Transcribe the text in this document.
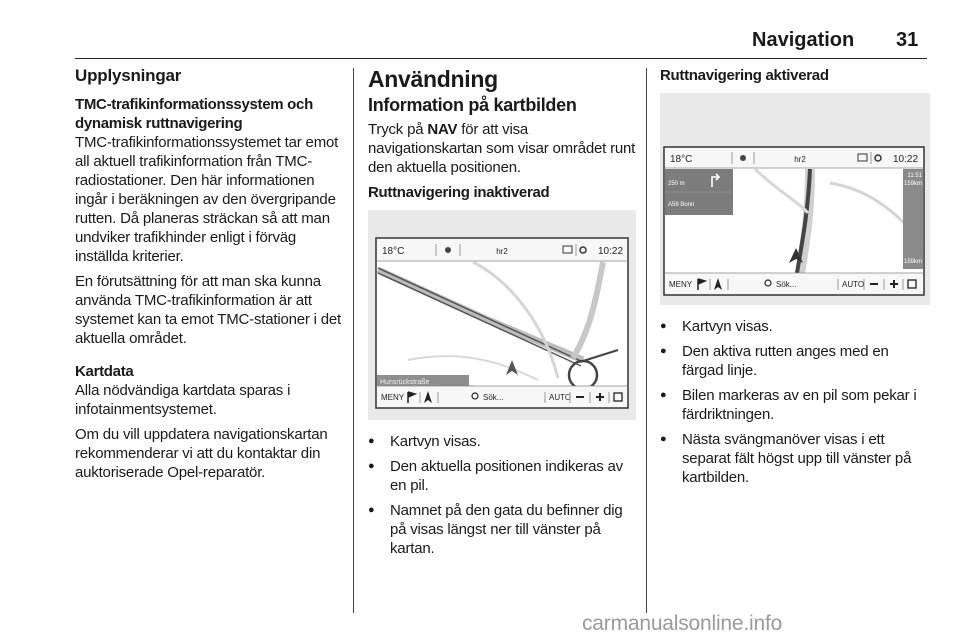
Navigation 31
Upplysningar
TMC-trafikinformationssystem och dynamisk ruttnavigering

TMC-trafikinformationssystemet tar emot all aktuell trafikinformation från TMC-radiostationer. Den här informationen ingår i beräkningen av den övergripande rutten. Då planeras sträckan så att man undviker trafikhinder enligt i förväg inställda kriterier.

En förutsättning för att man ska kunna använda TMC-trafikinformation är att systemet kan ta emot TMC-stationer i det aktuella området.

Kartdata

Alla nödvändiga kartdata sparas i infotainmentsystemet.

Om du vill uppdatera navigationskartan rekommenderar vi att du kontaktar din auktoriserade Opel-reparatör.

Användning
Information på kartbilden

Tryck på NAV för att visa navigationskartan som visar området runt den aktuella positionen.

Ruttnavigering inaktiverad
18°C	hr2	10:22
Hunsrückstraße
MENY	Sök...	AUTO
● Kartvyn visas.
● Den aktuella positionen indikeras av en pil.
● Namnet på den gata du befinner dig på visas längst ner till vänster på kartan.
Ruttnavigering aktiverad
18°C	hr2	10:22
250 m
A59 Bonn
11:51
159km
159km
MENY	Sök...	AUTO
● Kartvyn visas.
● Den aktiva rutten anges med en färgad linje.
● Bilen markeras av en pil som pekar i färdriktningen.
● Nästa svängmanöver visas i ett separat fält högst upp till vänster på kartbilden.
carmanualsonline.info
